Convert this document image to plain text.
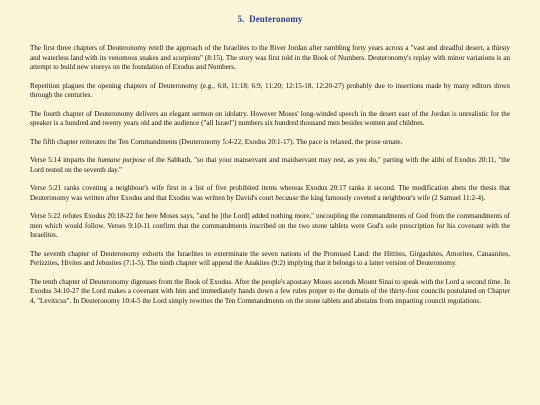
5.  Deuteronomy

The first three chapters of Deuteronomy retell the approach of the Israelites to the River Jordan after rambling forty years across a "vast and dreadful desert, a thirsty and waterless land with its venomous snakes and scorpions" (8:15). The story was first told in the Book of Numbers. Deuteronomy's replay with minor variations is an attempt to build new storeys on the foundation of Exodus and Numbers.

Repetition plagues the opening chapters of Deuteronomy (e.g., 6:8, 11:18; 6:9, 11:20; 12:15-18, 12:20-27) probably due to insertions made by many editors down through the centuries.

The fourth chapter of Deuteronomy delivers an elegant sermon on idolatry. However Moses' long-winded speech in the desert east of the Jordan is unrealistic for the speaker is a hundred and twenty years old and the audience ("all Israel") numbers six hundred thousand men besides women and children.

The fifth chapter reiterates the Ten Commandments (Deuteronomy 5:4-22, Exodus 20:1-17). The pace is relaxed, the prose ornate.

Verse 5:14 imparts the humane purpose of the Sabbath, "so that your manservant and maidservant may rest, as you do," parting with the alibi of Exodus 20:11, "the Lord rested on the seventh day."

Verse 5:21 ranks coveting a neighbour's wife first in a list of five prohibited items whereas Exodus 20:17 ranks it second. The modification abets the thesis that Deuteronomy was written after Exodus and that Exodus was written by David's court because the king famously coveted a neighbour's wife (2 Samuel 11:2-4).

Verse 5:22 refutes Exodus 20:18-22 for here Moses says, "and he [the Lord] added nothing more," uncoupling the commandments of God from the commandments of men which would follow. Verses 9:10-11 confirm that the commandments inscribed on the two stone tablets were God's sole prescription for his covenant with the Israelites.

The seventh chapter of Deuteronomy exhorts the Israelites to exterminate the seven nations of the Promised Land: the Hittites, Girgashites, Amorites, Canaanites, Perizzites, Hivites and Jebusites (7:1-5). The ninth chapter will append the Anakites (9:2) implying that it belongs to a latter version of Deuteronomy.

The tenth chapter of Deuteronomy digresses from the Book of Exodus. After the people's apostasy Moses ascends Mount Sinai to speak with the Lord a second time. In Exodus 34:10-27 the Lord makes a covenant with him and immediately hands down a few rules proper to the domain of the thirty-four councils postulated on Chapter 4, "Leviticus". In Deuteronomy 10:4-5 the Lord simply rewrites the Ten Commandments on the stone tablets and abstains from imparting council regulations.
